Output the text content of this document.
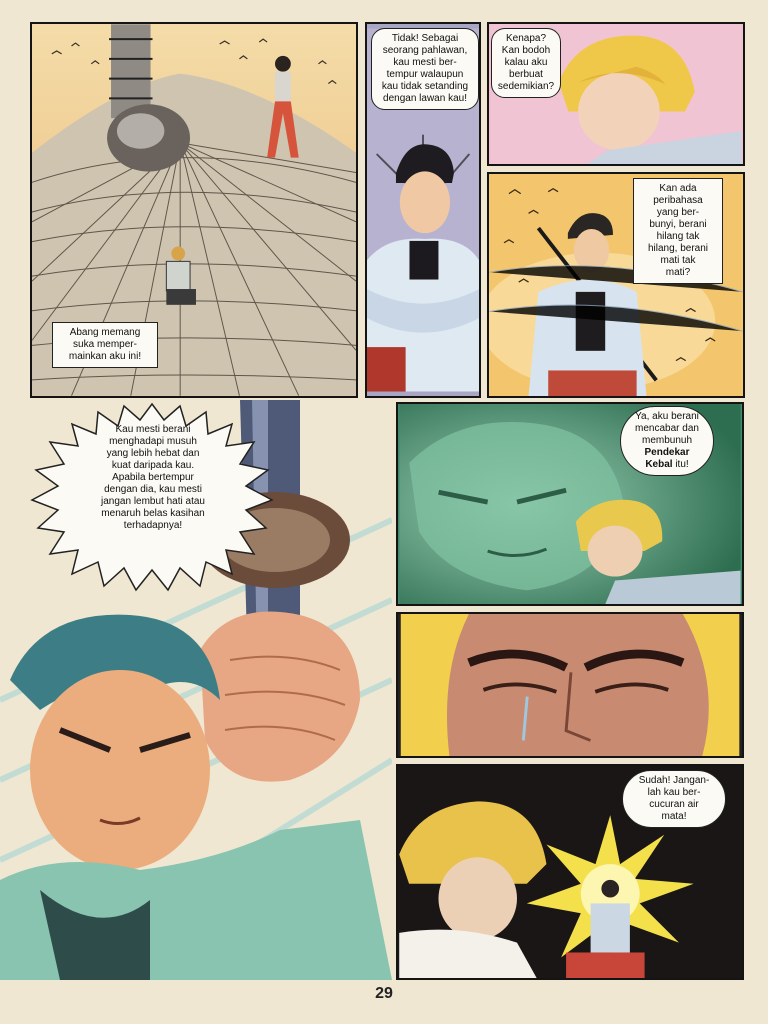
Abang memang
suka memper-
mainkan aku ini!
Tidak! Sebagai
seorang pahlawan,
kau mesti ber-
tempur walaupun
kau tidak setanding
dengan lawan kau!
Kenapa?
Kan bodoh
kalau aku
berbuat
sedemikian?
Kan ada
peribahasa
yang ber-
bunyi, berani
hilang tak
hilang, berani
mati tak
mati?
Kau mesti berani
menghadapi musuh
yang lebih hebat dan
kuat daripada kau.
Apabila bertempur
dengan dia, kau mesti
jangan lembut hati atau
menaruh belas kasihan
terhadapnya!
Ya, aku berani
mencabar dan
membunuh
Pendekar
Kebal itu!
Sudah! Jangan-
lah kau ber-
cucuran air
mata!
29
